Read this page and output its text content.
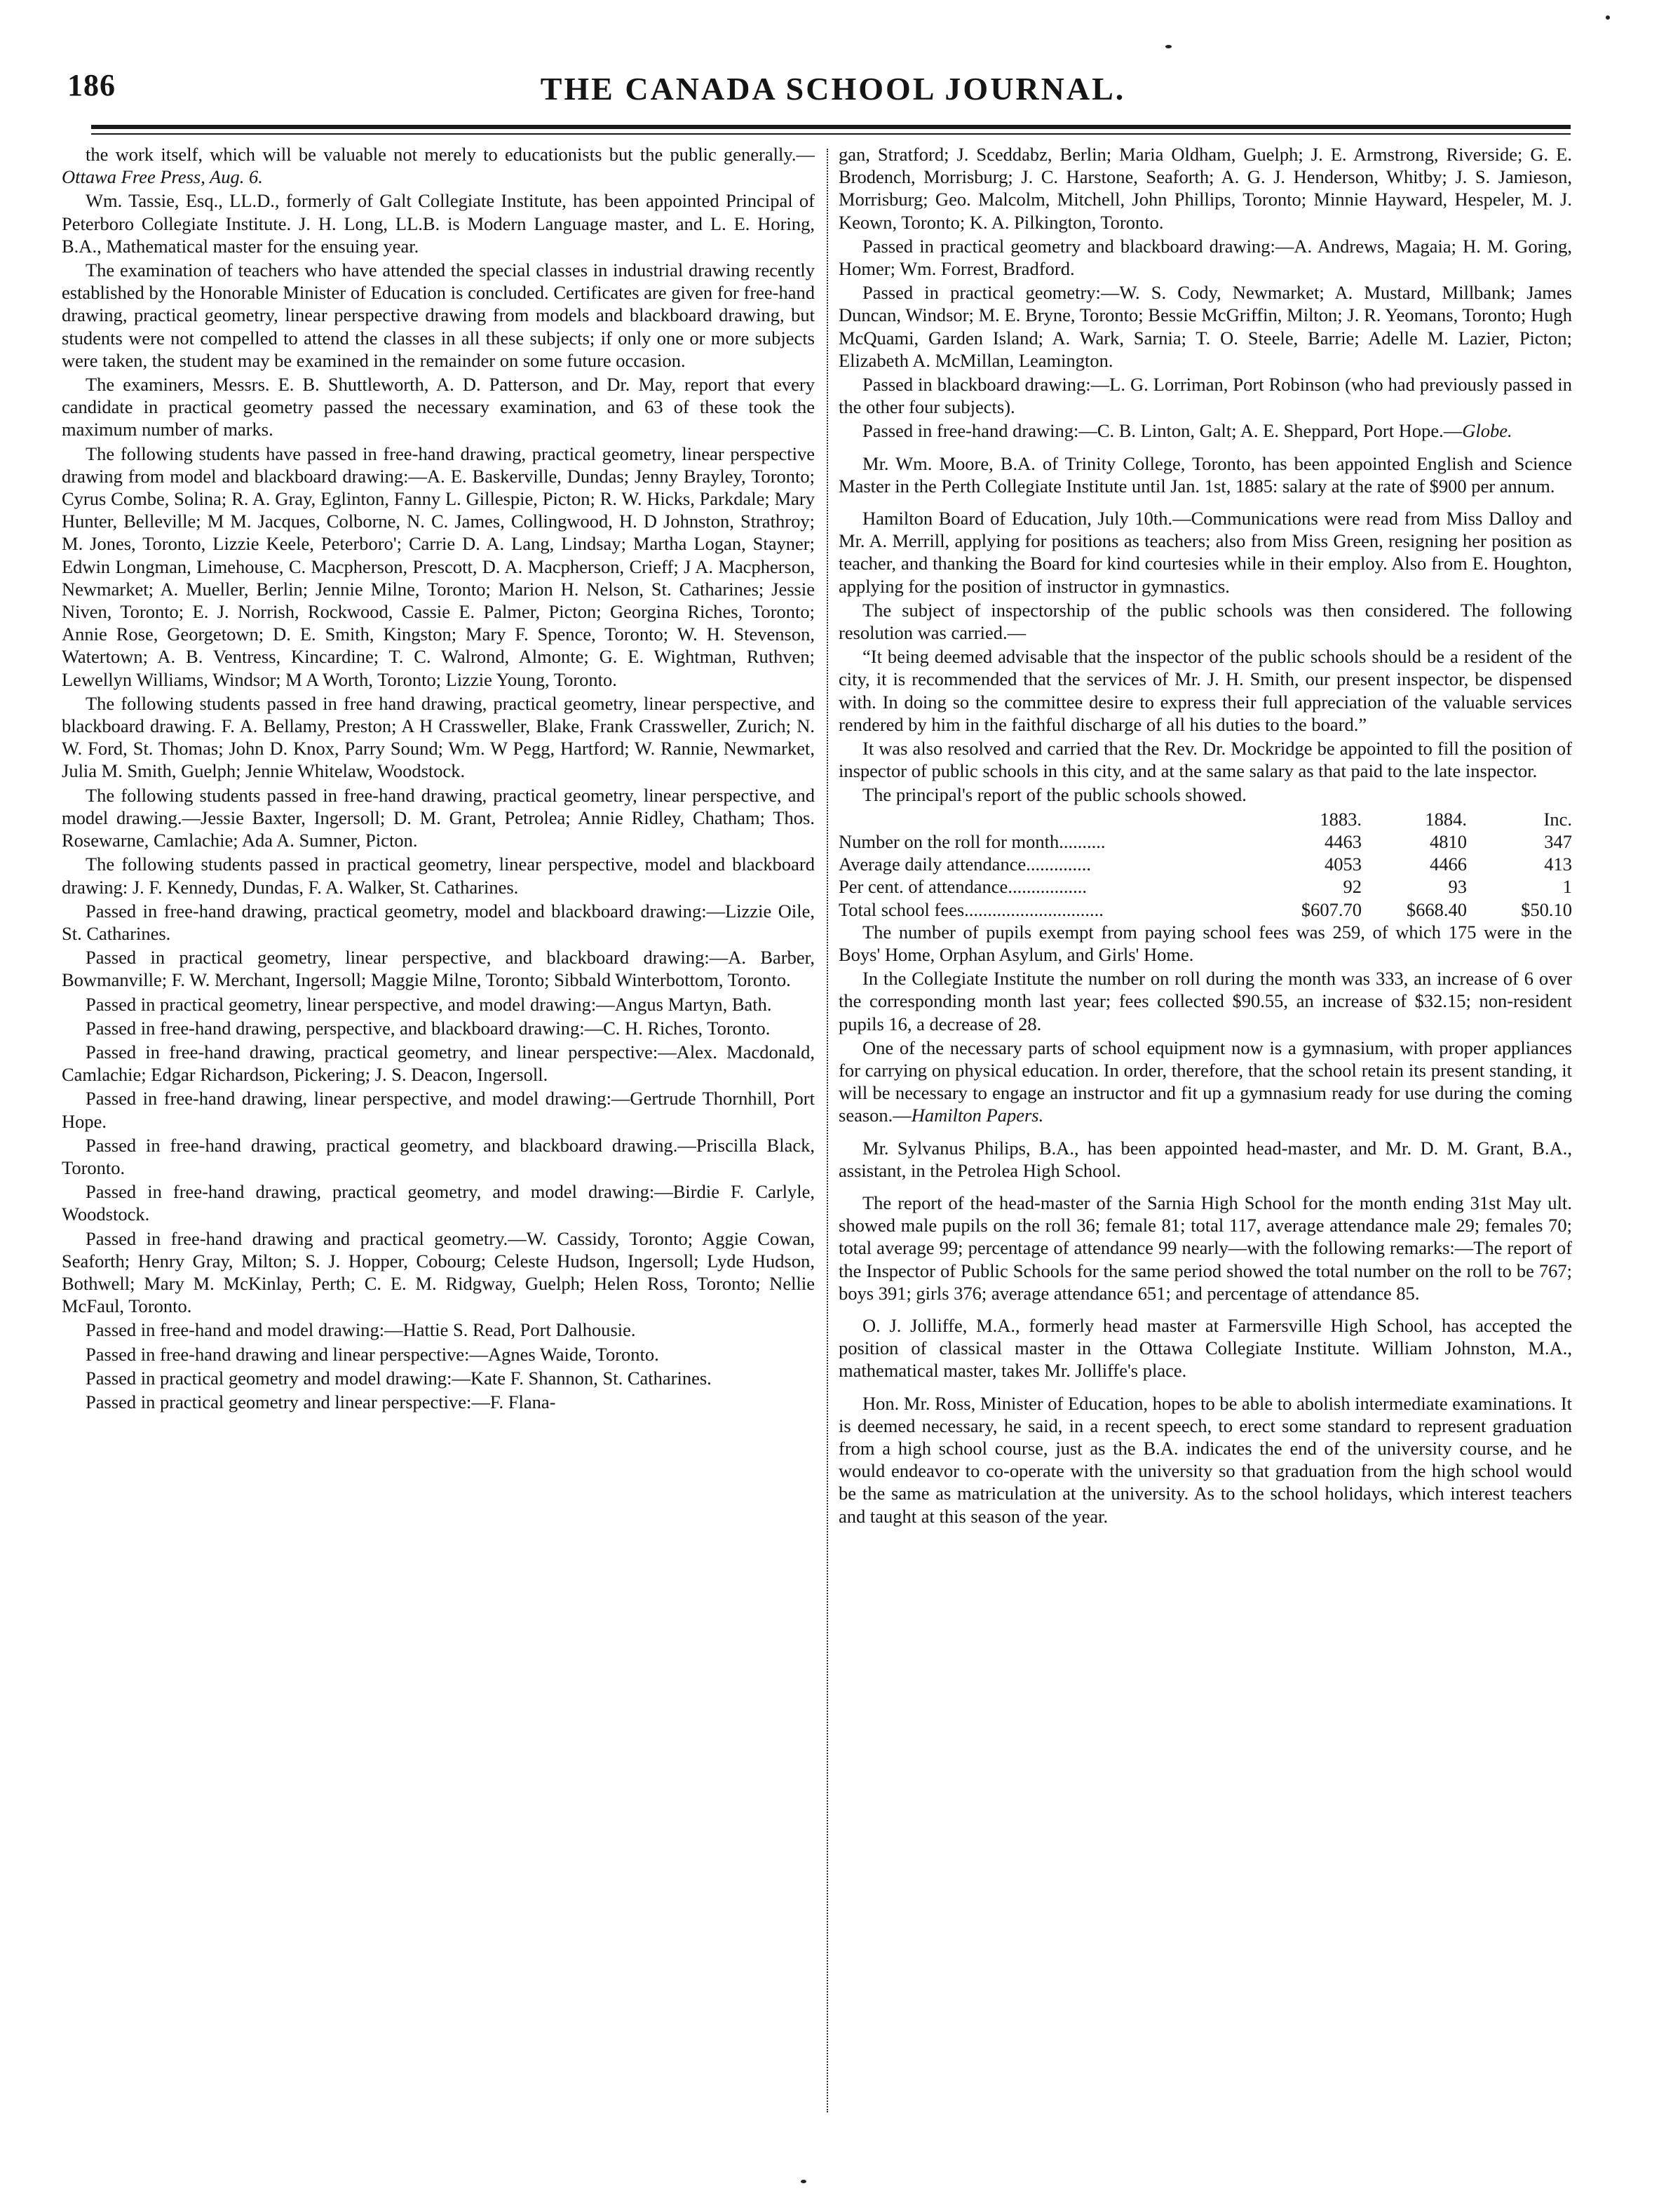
186	THE CANADA SCHOOL JOURNAL.

the work itself, which will be valuable not merely to educationists but the public generally.—Ottawa Free Press, Aug. 6.

Wm. Tassie, Esq., LL.D., formerly of Galt Collegiate Institute, has been appointed Principal of Peterboro Collegiate Institute. J. H. Long, LL.B. is Modern Language master, and L. E. Horing, B.A., Mathematical master for the ensuing year.

The examination of teachers who have attended the special classes in industrial drawing recently established by the Honorable Minister of Education is concluded. Certificates are given for free-hand drawing, practical geometry, linear perspective drawing from models and blackboard drawing, but students were not compelled to attend the classes in all these subjects; if only one or more subjects were taken, the student may be examined in the remainder on some future occasion.

The examiners, Messrs. E. B. Shuttleworth, A. D. Patterson, and Dr. May, report that every candidate in practical geometry passed the necessary examination, and 63 of these took the maximum number of marks.

The following students have passed in free-hand drawing, practical geometry, linear perspective drawing from model and blackboard drawing:—A. E. Baskerville, Dundas; Jenny Brayley, Toronto; Cyrus Combe, Solina; R. A. Gray, Eglinton, Fanny L. Gillespie, Picton; R. W. Hicks, Parkdale; Mary Hunter, Belleville; M M. Jacques, Colborne, N. C. James, Collingwood, H. D Johnston, Strathroy; M. Jones, Toronto, Lizzie Keele, Peterboro'; Carrie D. A. Lang, Lindsay; Martha Logan, Stayner; Edwin Longman, Limehouse, C. Macpherson, Prescott, D. A. Macpherson, Crieff; J A. Macpherson, Newmarket; A. Mueller, Berlin; Jennie Milne, Toronto; Marion H. Nelson, St. Catharines; Jessie Niven, Toronto; E. J. Norrish, Rockwood, Cassie E. Palmer, Picton; Georgina Riches, Toronto; Annie Rose, Georgetown; D. E. Smith, Kingston; Mary F. Spence, Toronto; W. H. Stevenson, Watertown; A. B. Ventress, Kincardine; T. C. Walrond, Almonte; G. E. Wightman, Ruthven; Lewellyn Williams, Windsor; M A Worth, Toronto; Lizzie Young, Toronto.

The following students passed in free hand drawing, practical geometry, linear perspective, and blackboard drawing. F. A. Bellamy, Preston; A H Crassweller, Blake, Frank Crassweller, Zurich; N. W. Ford, St. Thomas; John D. Knox, Parry Sound; Wm. W Pegg, Hartford; W. Rannie, Newmarket, Julia M. Smith, Guelph; Jennie Whitelaw, Woodstock.

The following students passed in free-hand drawing, practical geometry, linear perspective, and model drawing.—Jessie Baxter, Ingersoll; D. M. Grant, Petrolea; Annie Ridley, Chatham; Thos. Rosewarne, Camlachie; Ada A. Sumner, Picton.

The following students passed in practical geometry, linear perspective, model and blackboard drawing: J. F. Kennedy, Dundas, F. A. Walker, St. Catharines.

Passed in free-hand drawing, practical geometry, model and blackboard drawing:—Lizzie Oile, St. Catharines.

Passed in practical geometry, linear perspective, and blackboard drawing:—A. Barber, Bowmanville; F. W. Merchant, Ingersoll; Maggie Milne, Toronto; Sibbald Winterbottom, Toronto.

Passed in practical geometry, linear perspective, and model drawing:—Angus Martyn, Bath.

Passed in free-hand drawing, perspective, and blackboard drawing:—C. H. Riches, Toronto.

Passed in free-hand drawing, practical geometry, and linear perspective:—Alex. Macdonald, Camlachie; Edgar Richardson, Pickering; J. S. Deacon, Ingersoll.

Passed in free-hand drawing, linear perspective, and model drawing:—Gertrude Thornhill, Port Hope.

Passed in free-hand drawing, practical geometry, and blackboard drawing.—Priscilla Black, Toronto.

Passed in free-hand drawing, practical geometry, and model drawing:—Birdie F. Carlyle, Woodstock.

Passed in free-hand drawing and practical geometry.—W. Cassidy, Toronto; Aggie Cowan, Seaforth; Henry Gray, Milton; S. J. Hopper, Cobourg; Celeste Hudson, Ingersoll; Lyde Hudson, Bothwell; Mary M. McKinlay, Perth; C. E. M. Ridgway, Guelph; Helen Ross, Toronto; Nellie McFaul, Toronto.

Passed in free-hand and model drawing:—Hattie S. Read, Port Dalhousie.

Passed in free-hand drawing and linear perspective:—Agnes Waide, Toronto.

Passed in practical geometry and model drawing:—Kate F. Shannon, St. Catharines.

Passed in practical geometry and linear perspective:—F. Flana-

gan, Stratford; J. Sceddabz, Berlin; Maria Oldham, Guelph; J. E. Armstrong, Riverside; G. E. Brodench, Morrisburg; J. C. Harstone, Seaforth; A. G. J. Henderson, Whitby; J. S. Jamieson, Morrisburg; Geo. Malcolm, Mitchell, John Phillips, Toronto; Minnie Hayward, Hespeler, M. J. Keown, Toronto; K. A. Pilkington, Toronto.

Passed in practical geometry and blackboard drawing:—A. Andrews, Magaia; H. M. Goring, Homer; Wm. Forrest, Bradford.

Passed in practical geometry:—W. S. Cody, Newmarket; A. Mustard, Millbank; James Duncan, Windsor; M. E. Bryne, Toronto; Bessie McGriffin, Milton; J. R. Yeomans, Toronto; Hugh McQuami, Garden Island; A. Wark, Sarnia; T. O. Steele, Barrie; Adelle M. Lazier, Picton; Elizabeth A. McMillan, Leamington.

Passed in blackboard drawing:—L. G. Lorriman, Port Robinson (who had previously passed in the other four subjects).

Passed in free-hand drawing:—C. B. Linton, Galt; A. E. Sheppard, Port Hope.—Globe.

Mr. Wm. Moore, B.A. of Trinity College, Toronto, has been appointed English and Science Master in the Perth Collegiate Institute until Jan. 1st, 1885: salary at the rate of $900 per annum.

Hamilton Board of Education, July 10th.—Communications were read from Miss Dalloy and Mr. A. Merrill, applying for positions as teachers; also from Miss Green, resigning her position as teacher, and thanking the Board for kind courtesies while in their employ. Also from E. Houghton, applying for the position of instructor in gymnastics.

The subject of inspectorship of the public schools was then considered. The following resolution was carried.—

“It being deemed advisable that the inspector of the public schools should be a resident of the city, it is recommended that the services of Mr. J. H. Smith, our present inspector, be dispensed with. In doing so the committee desire to express their full appreciation of the valuable services rendered by him in the faithful discharge of all his duties to the board.”

It was also resolved and carried that the Rev. Dr. Mockridge be appointed to fill the position of inspector of public schools in this city, and at the same salary as that paid to the late inspector.

The principal's report of the public schools showed.

	1883.	1884.	Inc.
Number on the roll for month..........	4463	4810	347
Average daily attendance..............	4053	4466	413
Per cent. of attendance.................	92	93	1
Total school fees..............................	$607.70	$668.40	$50.10

The number of pupils exempt from paying school fees was 259, of which 175 were in the Boys' Home, Orphan Asylum, and Girls' Home.

In the Collegiate Institute the number on roll during the month was 333, an increase of 6 over the corresponding month last year; fees collected $90.55, an increase of $32.15; non-resident pupils 16, a decrease of 28.

One of the necessary parts of school equipment now is a gymnasium, with proper appliances for carrying on physical education. In order, therefore, that the school retain its present standing, it will be necessary to engage an instructor and fit up a gymnasium ready for use during the coming season.—Hamilton Papers.

Mr. Sylvanus Philips, B.A., has been appointed head-master, and Mr. D. M. Grant, B.A., assistant, in the Petrolea High School.

The report of the head-master of the Sarnia High School for the month ending 31st May ult. showed male pupils on the roll 36; female 81; total 117, average attendance male 29; females 70; total average 99; percentage of attendance 99 nearly—with the following remarks:—The report of the Inspector of Public Schools for the same period showed the total number on the roll to be 767; boys 391; girls 376; average attendance 651; and percentage of attendance 85.

O. J. Jolliffe, M.A., formerly head master at Farmersville High School, has accepted the position of classical master in the Ottawa Collegiate Institute. William Johnston, M.A., mathematical master, takes Mr. Jolliffe's place.

Hon. Mr. Ross, Minister of Education, hopes to be able to abolish intermediate examinations. It is deemed necessary, he said, in a recent speech, to erect some standard to represent graduation from a high school course, just as the B.A. indicates the end of the university course, and he would endeavor to co-operate with the university so that graduation from the high school would be the same as matriculation at the university. As to the school holidays, which interest teachers and taught at this season of the year.
